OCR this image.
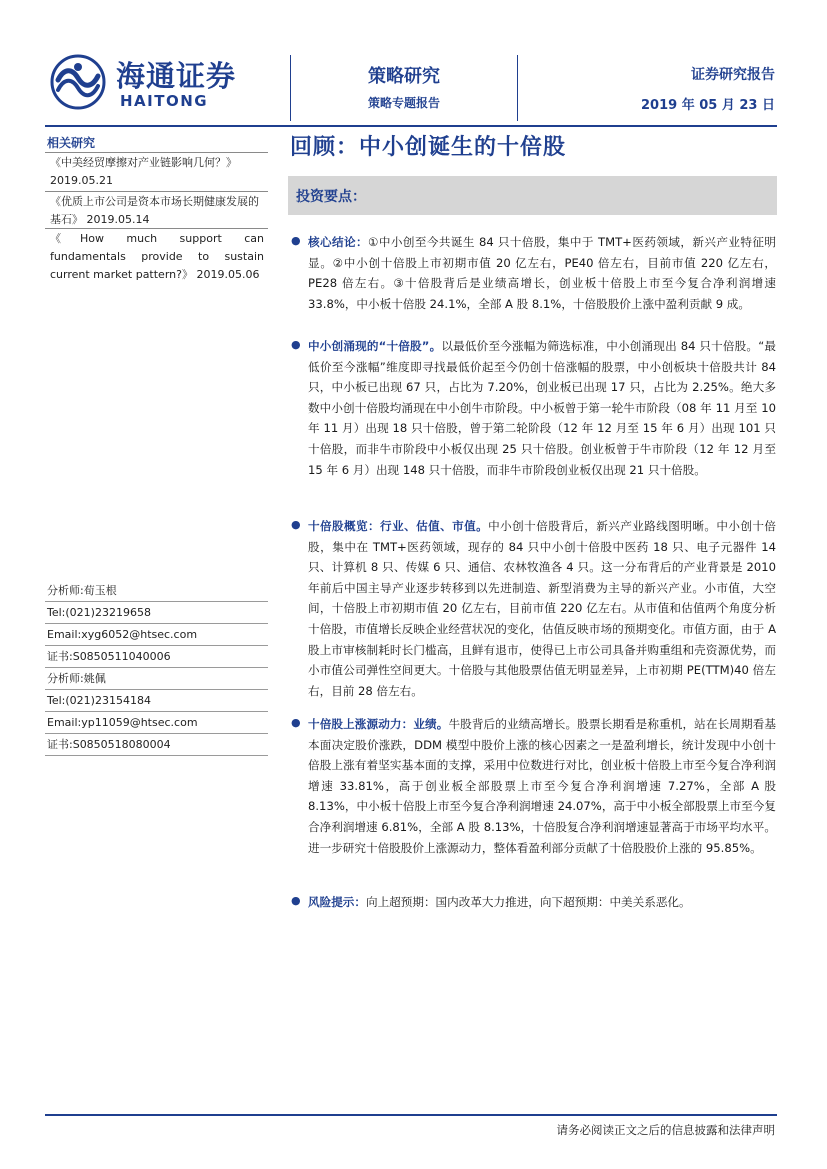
海通证券
HAITONG
策略研究
策略专题报告
证券研究报告
2019 年 05 月 23 日
相关研究
《中美经贸摩擦对产业链影响几何？》
2019.05.21
《优质上市公司是资本市场长期健康发展的基石》 2019.05.14
《How much support can fundamentals provide to sustain current market pattern?》 2019.05.06
分析师:荀玉根
Tel:(021)23219658
Email:xyg6052@htsec.com
证书:S0850511040006
分析师:姚佩
Tel:(021)23154184
Email:yp11059@htsec.com
证书:S0850518080004
回顾：中小创诞生的十倍股
投资要点：
● 核心结论：①中小创至今共诞生 84 只十倍股，集中于 TMT+医药领域，新兴产业特征明显。②中小创十倍股上市初期市值 20 亿左右，PE40 倍左右，目前市值 220 亿左右，PE28 倍左右。③十倍股背后是业绩高增长，创业板十倍股上市至今复合净利润增速 33.8%，中小板十倍股 24.1%，全部 A 股 8.1%，十倍股股价上涨中盈利贡献 9 成。
● 中小创涌现的“十倍股”。以最低价至今涨幅为筛选标准，中小创涌现出 84 只十倍股。“最低价至今涨幅”维度即寻找最低价起至今仍创十倍涨幅的股票，中小创板块十倍股共计 84 只，中小板已出现 67 只，占比为 7.20%，创业板已出现 17 只，占比为 2.25%。绝大多数中小创十倍股均涌现在中小创牛市阶段。中小板曾于第一轮牛市阶段（08 年 11 月至 10 年 11 月）出现 18 只十倍股，曾于第二轮阶段（12 年 12 月至 15 年 6 月）出现 101 只十倍股，而非牛市阶段中小板仅出现 25 只十倍股。创业板曾于牛市阶段（12 年 12 月至 15 年 6 月）出现 148 只十倍股，而非牛市阶段创业板仅出现 21 只十倍股。
● 十倍股概览：行业、估值、市值。中小创十倍股背后，新兴产业路线图明晰。中小创十倍股，集中在 TMT+医药领域，现存的 84 只中小创十倍股中医药 18 只、电子元器件 14 只、计算机 8 只、传媒 6 只、通信、农林牧渔各 4 只。这一分布背后的产业背景是 2010 年前后中国主导产业逐步转移到以先进制造、新型消费为主导的新兴产业。小市值，大空间，十倍股上市初期市值 20 亿左右，目前市值 220 亿左右。从市值和估值两个角度分析十倍股，市值增长反映企业经营状况的变化，估值反映市场的预期变化。市值方面，由于 A 股上市审核制耗时长门槛高，且鲜有退市，使得已上市公司具备并购重组和壳资源优势，而小市值公司弹性空间更大。十倍股与其他股票估值无明显差异，上市初期 PE(TTM)40 倍左右，目前 28 倍左右。
● 十倍股上涨源动力：业绩。牛股背后的业绩高增长。股票长期看是称重机，站在长周期看基本面决定股价涨跌，DDM 模型中股价上涨的核心因素之一是盈利增长，统计发现中小创十倍股上涨有着坚实基本面的支撑，采用中位数进行对比，创业板十倍股上市至今复合净利润增速 33.81%，高于创业板全部股票上市至今复合净利润增速 7.27%，全部 A 股 8.13%，中小板十倍股上市至今复合净利润增速 24.07%，高于中小板全部股票上市至今复合净利润增速 6.81%，全部 A 股 8.13%，十倍股复合净利润增速显著高于市场平均水平。进一步研究十倍股股价上涨源动力，整体看盈利部分贡献了十倍股股价上涨的 95.85%。
● 风险提示：向上超预期：国内改革大力推进，向下超预期：中美关系恶化。
请务必阅读正文之后的信息披露和法律声明
